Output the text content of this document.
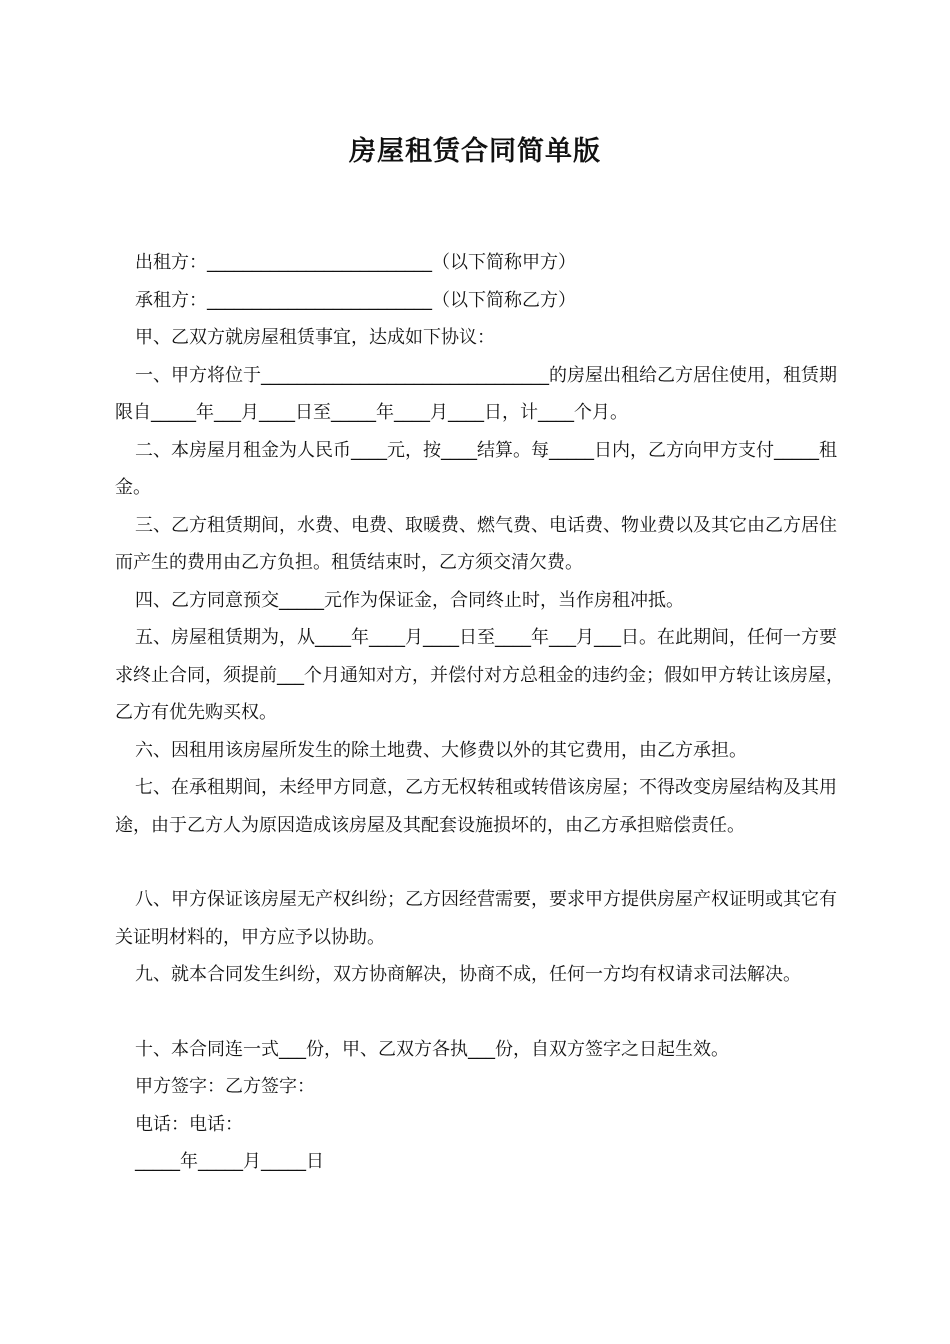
房屋租赁合同简单版

出租方：_________________________（以下简称甲方）

承租方：_________________________（以下简称乙方）

甲、乙双方就房屋租赁事宜，达成如下协议：

一、甲方将位于________________________________的房屋出租给乙方居住使用，租赁期限自_____年___月____日至_____年____月____日，计____个月。

二、本房屋月租金为人民币____元，按____结算。每_____日内，乙方向甲方支付_____租金。

三、乙方租赁期间，水费、电费、取暖费、燃气费、电话费、物业费以及其它由乙方居住而产生的费用由乙方负担。租赁结束时，乙方须交清欠费。

四、乙方同意预交_____元作为保证金，合同终止时，当作房租冲抵。

五、房屋租赁期为，从____年____月____日至____年___月___日。在此期间，任何一方要求终止合同，须提前___个月通知对方，并偿付对方总租金的违约金；假如甲方转让该房屋，乙方有优先购买权。

六、因租用该房屋所发生的除土地费、大修费以外的其它费用，由乙方承担。

七、在承租期间，未经甲方同意，乙方无权转租或转借该房屋；不得改变房屋结构及其用途，由于乙方人为原因造成该房屋及其配套设施损坏的，由乙方承担赔偿责任。

八、甲方保证该房屋无产权纠纷；乙方因经营需要，要求甲方提供房屋产权证明或其它有关证明材料的，甲方应予以协助。

九、就本合同发生纠纷，双方协商解决，协商不成，任何一方均有权请求司法解决。

十、本合同连一式___份，甲、乙双方各执___份，自双方签字之日起生效。

甲方签字：乙方签字：

电话：电话：

_____年_____月_____日
